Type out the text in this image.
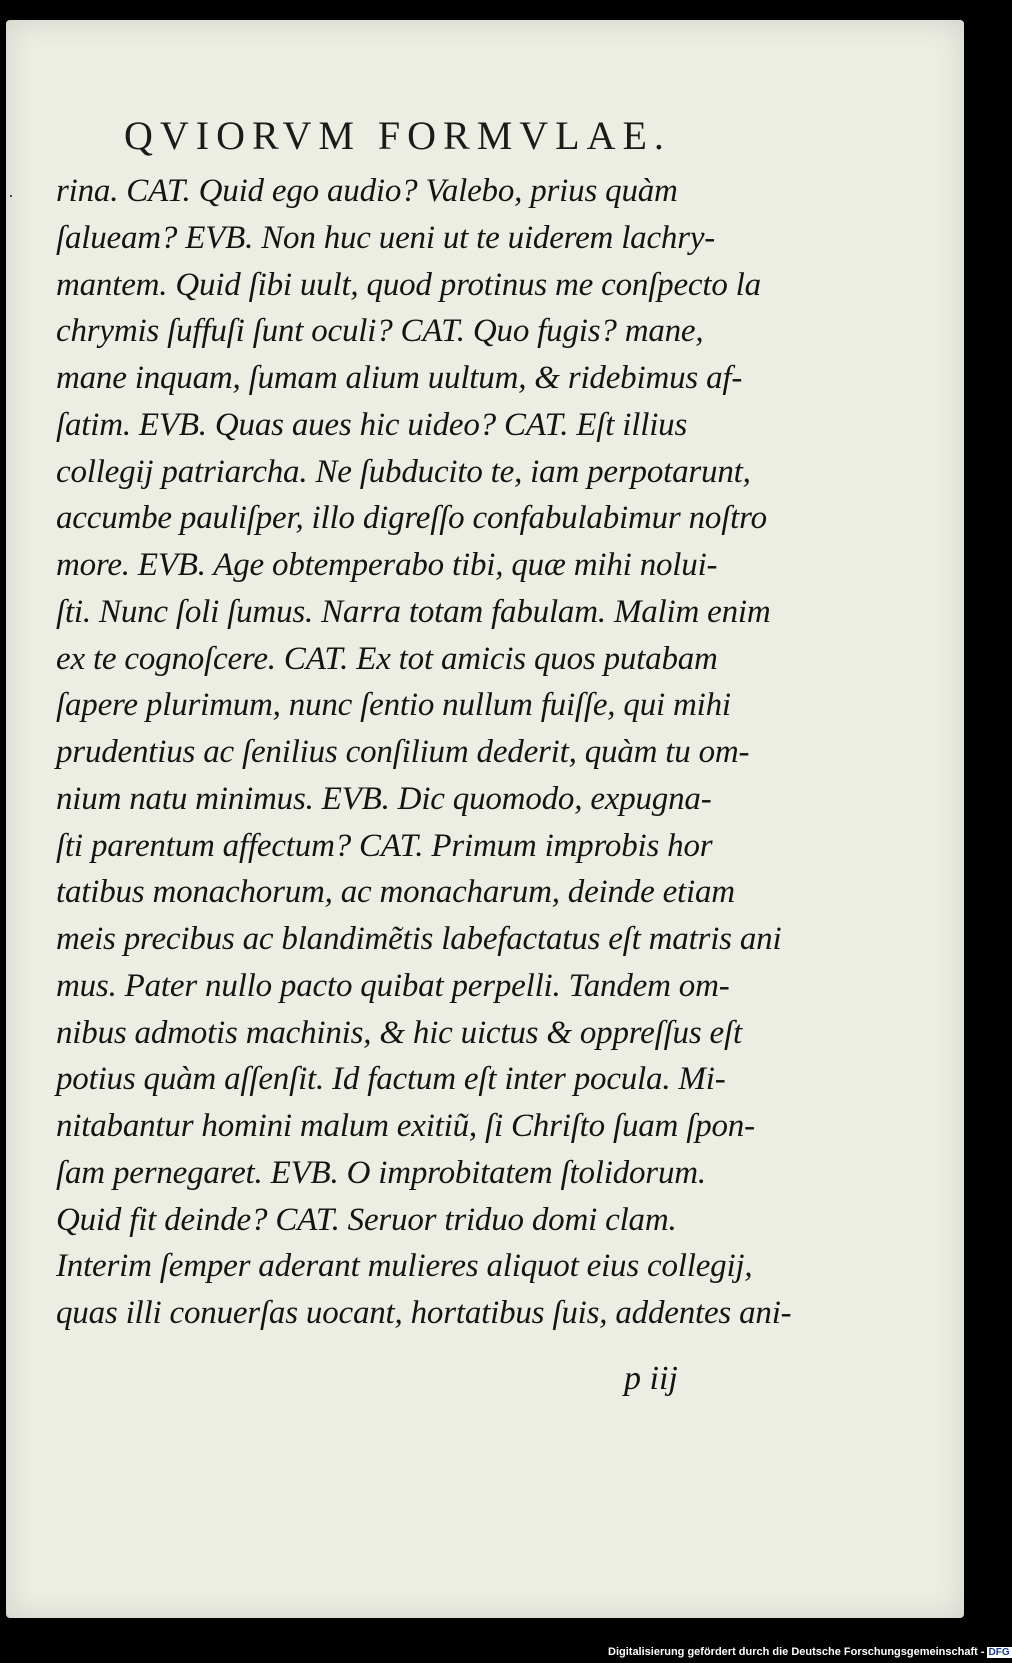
QVIORVM FORMVLAE.
· rina. CAT. Quid ego audio? Valebo, prius quàm
ſalueam? EVB. Non huc ueni ut te uiderem lachry-
mantem. Quid ſibi uult, quod protinus me conſpecto la
chrymis ſuffuſi ſunt oculi? CAT. Quo fugis? mane,
mane inquam, ſumam alium uultum, & ridebimus af-
ſatim. EVB. Quas aues hic uideo? CAT. Eſt illius
collegij patriarcha. Ne ſubducito te, iam perpotarunt,
accumbe pauliſper, illo digreſſo confabulabimur noſtro
more. EVB. Age obtemperabo tibi, quæ mihi nolui-
ſti. Nunc ſoli ſumus. Narra totam fabulam. Malim enim
ex te cognoſcere. CAT. Ex tot amicis quos putabam
ſapere plurimum, nunc ſentio nullum fuiſſe, qui mihi
prudentius ac ſenilius conſilium dederit, quàm tu om-
nium natu minimus. EVB. Dic quomodo, expugna-
ſti parentum affectum? CAT. Primum improbis hor
tatibus monachorum, ac monacharum, deinde etiam
meis precibus ac blandimẽtis labefactatus eſt matris ani
mus. Pater nullo pacto quibat perpelli. Tandem om-
nibus admotis machinis, & hic uictus & oppreſſus eſt
potius quàm aſſenſit. Id factum eſt inter pocula. Mi-
nitabantur homini malum exitiũ, ſi Chriſto ſuam ſpon-
ſam pernegaret. EVB. O improbitatem ſtolidorum.
Quid fit deinde? CAT. Seruor triduo domi clam.
Interim ſemper aderant mulieres aliquot eius collegij,
quas illi conuerſas uocant, hortatibus ſuis, addentes ani-
p iij
Digitalisierung gefördert durch die Deutsche Forschungsgemeinschaft - DFG
